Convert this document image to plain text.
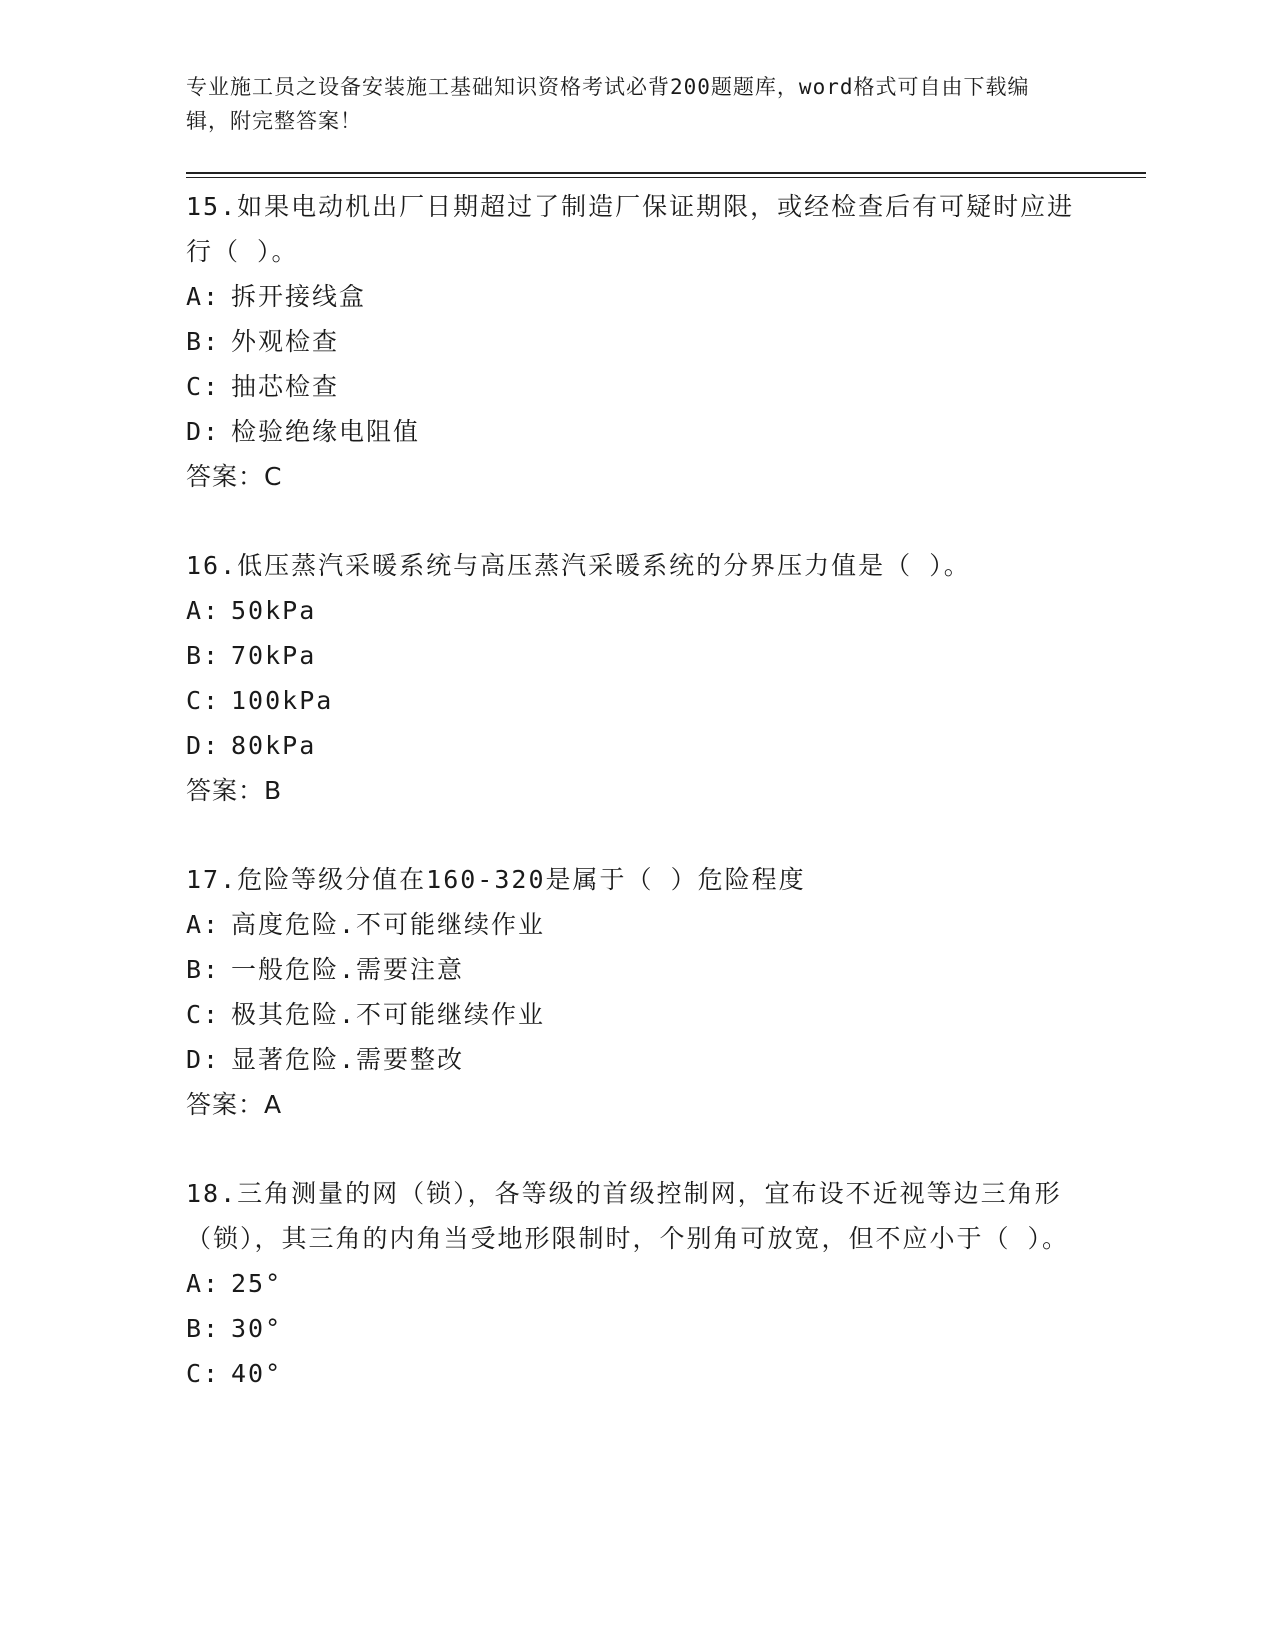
专业施工员之设备安装施工基础知识资格考试必背200题题库，word格式可自由下载编辑，附完整答案！

15.如果电动机出厂日期超过了制造厂保证期限，或经检查后有可疑时应进行（ ）。

A: 拆开接线盒

B: 外观检查

C: 抽芯检查

D: 检验绝缘电阻值

答案：C

16.低压蒸汽采暖系统与高压蒸汽采暖系统的分界压力值是（ ）。

A: 50kPa

B: 70kPa

C: 100kPa

D: 80kPa

答案：B

17.危险等级分值在160-320是属于（ ）危险程度

A: 高度危险.不可能继续作业

B: 一般危险.需要注意

C: 极其危险.不可能继续作业

D: 显著危险.需要整改

答案：A

18.三角测量的网（锁），各等级的首级控制网，宜布设不近视等边三角形（锁），其三角的内角当受地形限制时，个别角可放宽，但不应小于（ ）。

A: 25°

B: 30°

C: 40°
